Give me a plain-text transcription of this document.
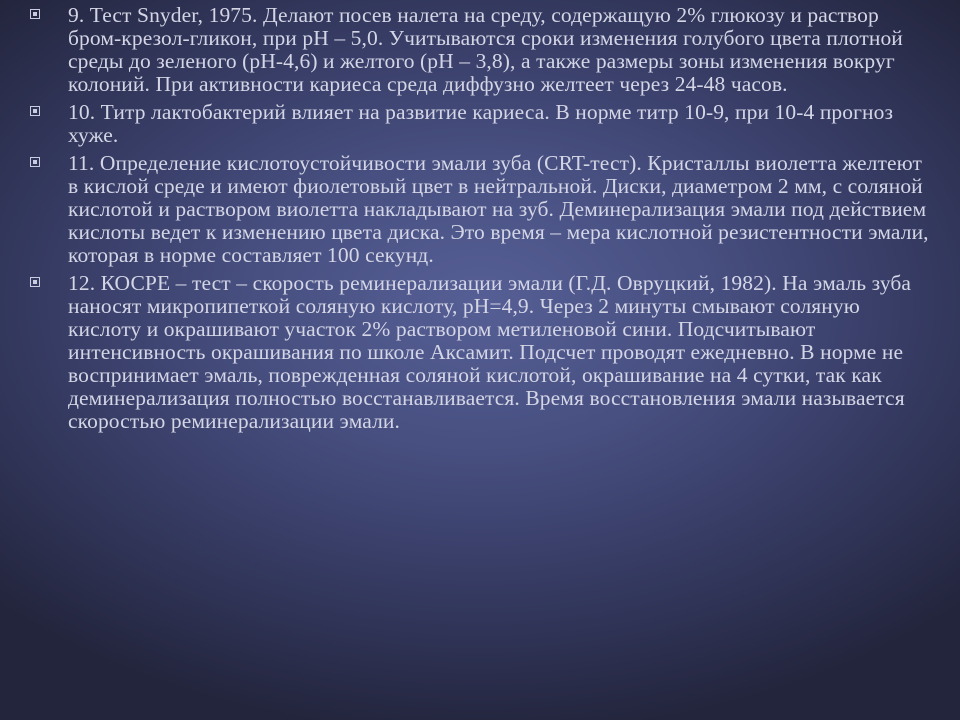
9. Тест Snyder, 1975. Делают посев налета на среду, содержащую 2% глюкозу и раствор бром-крезол-гликон, при pH – 5,0. Учитываются сроки изменения голубого цвета плотной среды до зеленого (pH-4,6) и желтого (pH – 3,8), а также размеры зоны изменения вокруг колоний. При активности кариеса среда диффузно желтеет через 24-48 часов.
10. Титр лактобактерий влияет на развитие кариеса. В норме титр 10-9, при 10-4 прогноз хуже.
11. Определение кислотоустойчивости эмали зуба (CRT-тест). Кристаллы виолетта желтеют в кислой среде и имеют фиолетовый цвет в нейтральной. Диски, диаметром 2 мм, с соляной кислотой и раствором виолетта накладывают на зуб. Деминерализация эмали под действием кислоты ведет к изменению цвета диска. Это время – мера кислотной резистентности эмали, которая в норме составляет 100 секунд.
12. КОСРЕ – тест – скорость реминерализации эмали (Г.Д. Овруцкий, 1982). На эмаль зуба наносят микропипеткой соляную кислоту, pH=4,9. Через 2 минуты смывают соляную кислоту и окрашивают участок 2% раствором метиленовой сини. Подсчитывают интенсивность окрашивания по школе Аксамит. Подсчет проводят ежедневно. В норме не воспринимает эмаль, поврежденная соляной кислотой, окрашивание на 4 сутки, так как деминерализация полностью восстанавливается. Время восстановления эмали называется скоростью реминерализации эмали.
